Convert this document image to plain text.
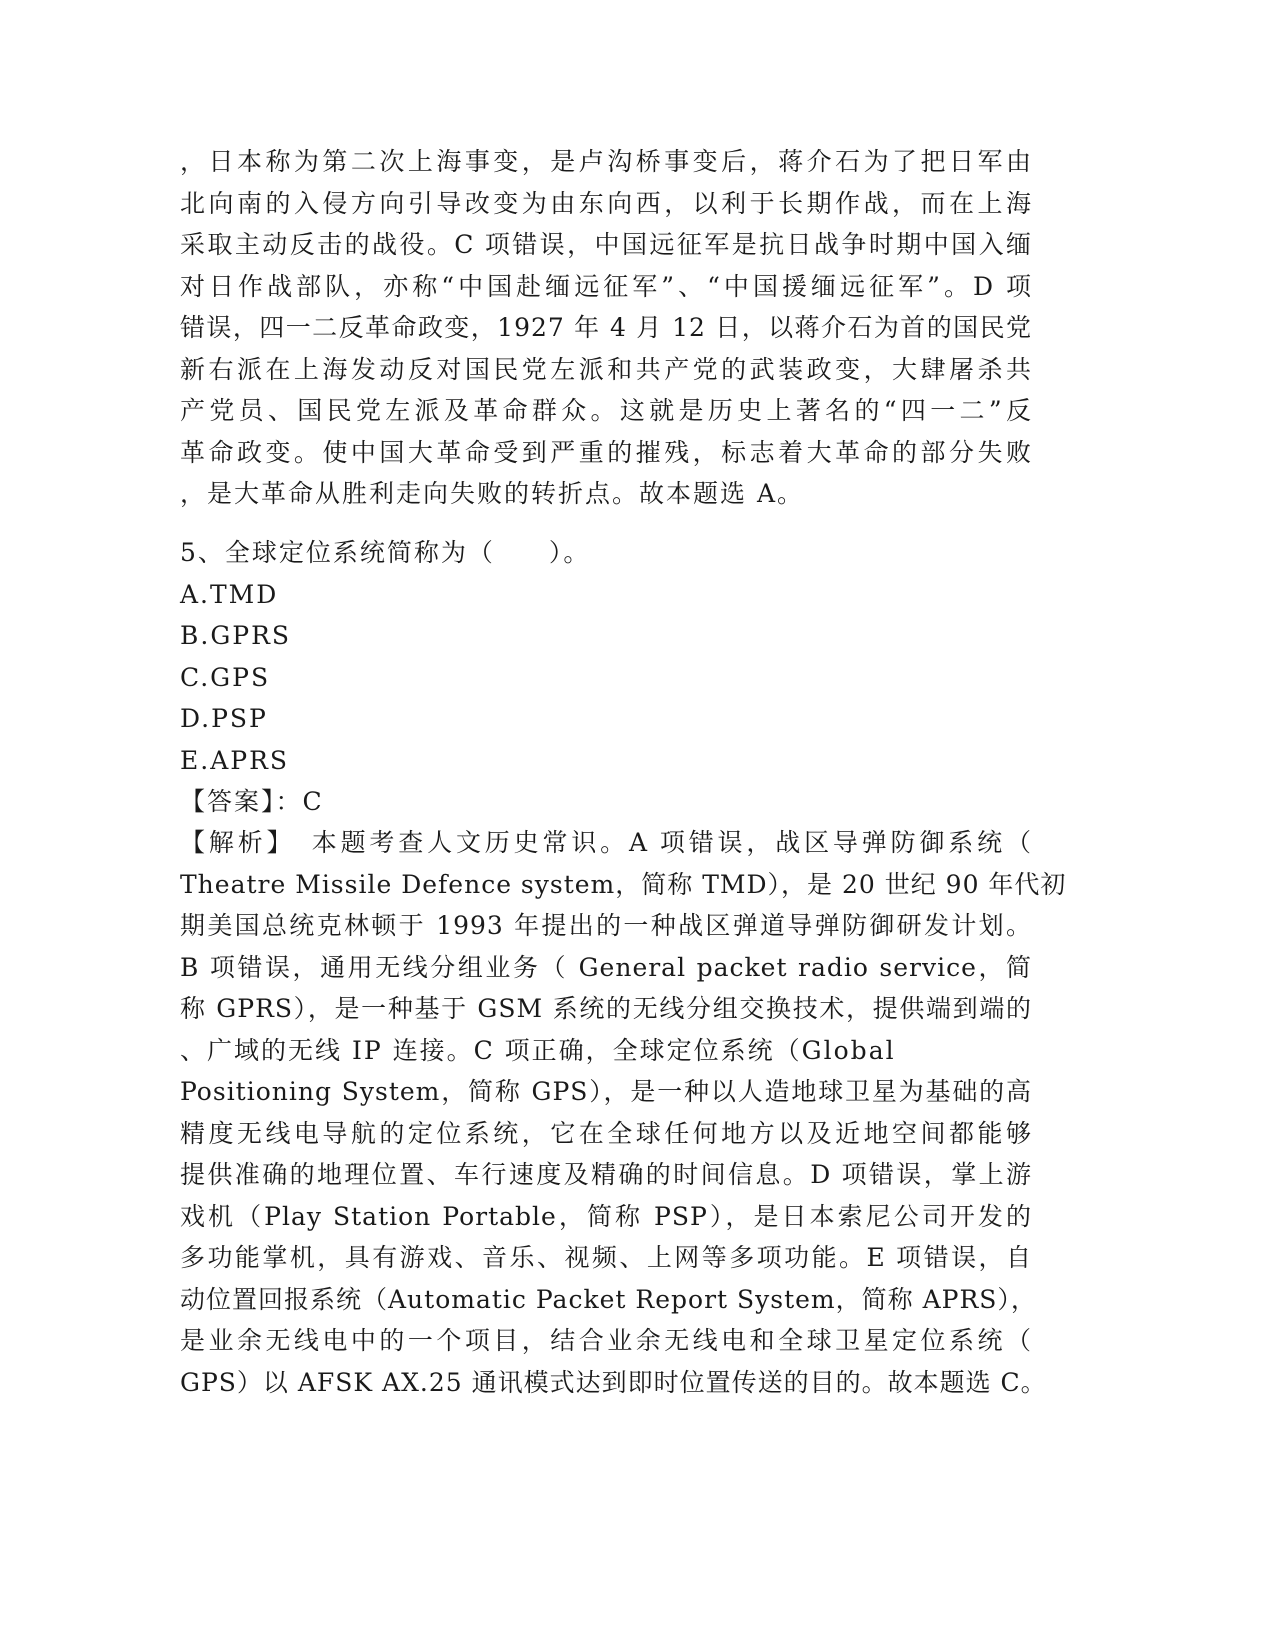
，日本称为第二次上海事变，是卢沟桥事变后，蒋介石为了把日军由
北向南的入侵方向引导改变为由东向西，以利于长期作战，而在上海
采取主动反击的战役。C 项错误，中国远征军是抗日战争时期中国入缅
对日作战部队，亦称“中国赴缅远征军”、“中国援缅远征军”。D 项
错误，四一二反革命政变，1927 年 4 月 12 日，以蒋介石为首的国民党
新右派在上海发动反对国民党左派和共产党的武装政变，大肆屠杀共
产党员、国民党左派及革命群众。这就是历史上著名的“四一二”反
革命政变。使中国大革命受到严重的摧残，标志着大革命的部分失败
，是大革命从胜利走向失败的转折点。故本题选 A。
5、全球定位系统简称为（　　）。
A.TMD
B.GPRS
C.GPS
D.PSP
E.APRS
【答案】：C
【解析】　本题考查人文历史常识。A 项错误，战区导弹防御系统（
Theatre Missile Defence system，简称 TMD），是 20 世纪 90 年代初
期美国总统克林顿于 1993 年提出的一种战区弹道导弹防御研发计划。
B 项错误，通用无线分组业务（ General packet radio service，简
称 GPRS），是一种基于 GSM 系统的无线分组交换技术，提供端到端的
、广域的无线 IP 连接。C 项正确，全球定位系统（Global
Positioning System，简称 GPS），是一种以人造地球卫星为基础的高
精度无线电导航的定位系统，它在全球任何地方以及近地空间都能够
提供准确的地理位置、车行速度及精确的时间信息。D 项错误，掌上游
戏机（Play Station Portable，简称 PSP），是日本索尼公司开发的
多功能掌机，具有游戏、音乐、视频、上网等多项功能。E 项错误，自
动位置回报系统（Automatic Packet Report System，简称 APRS），
是业余无线电中的一个项目，结合业余无线电和全球卫星定位系统（
GPS）以 AFSK AX.25 通讯模式达到即时位置传送的目的。故本题选 C。
